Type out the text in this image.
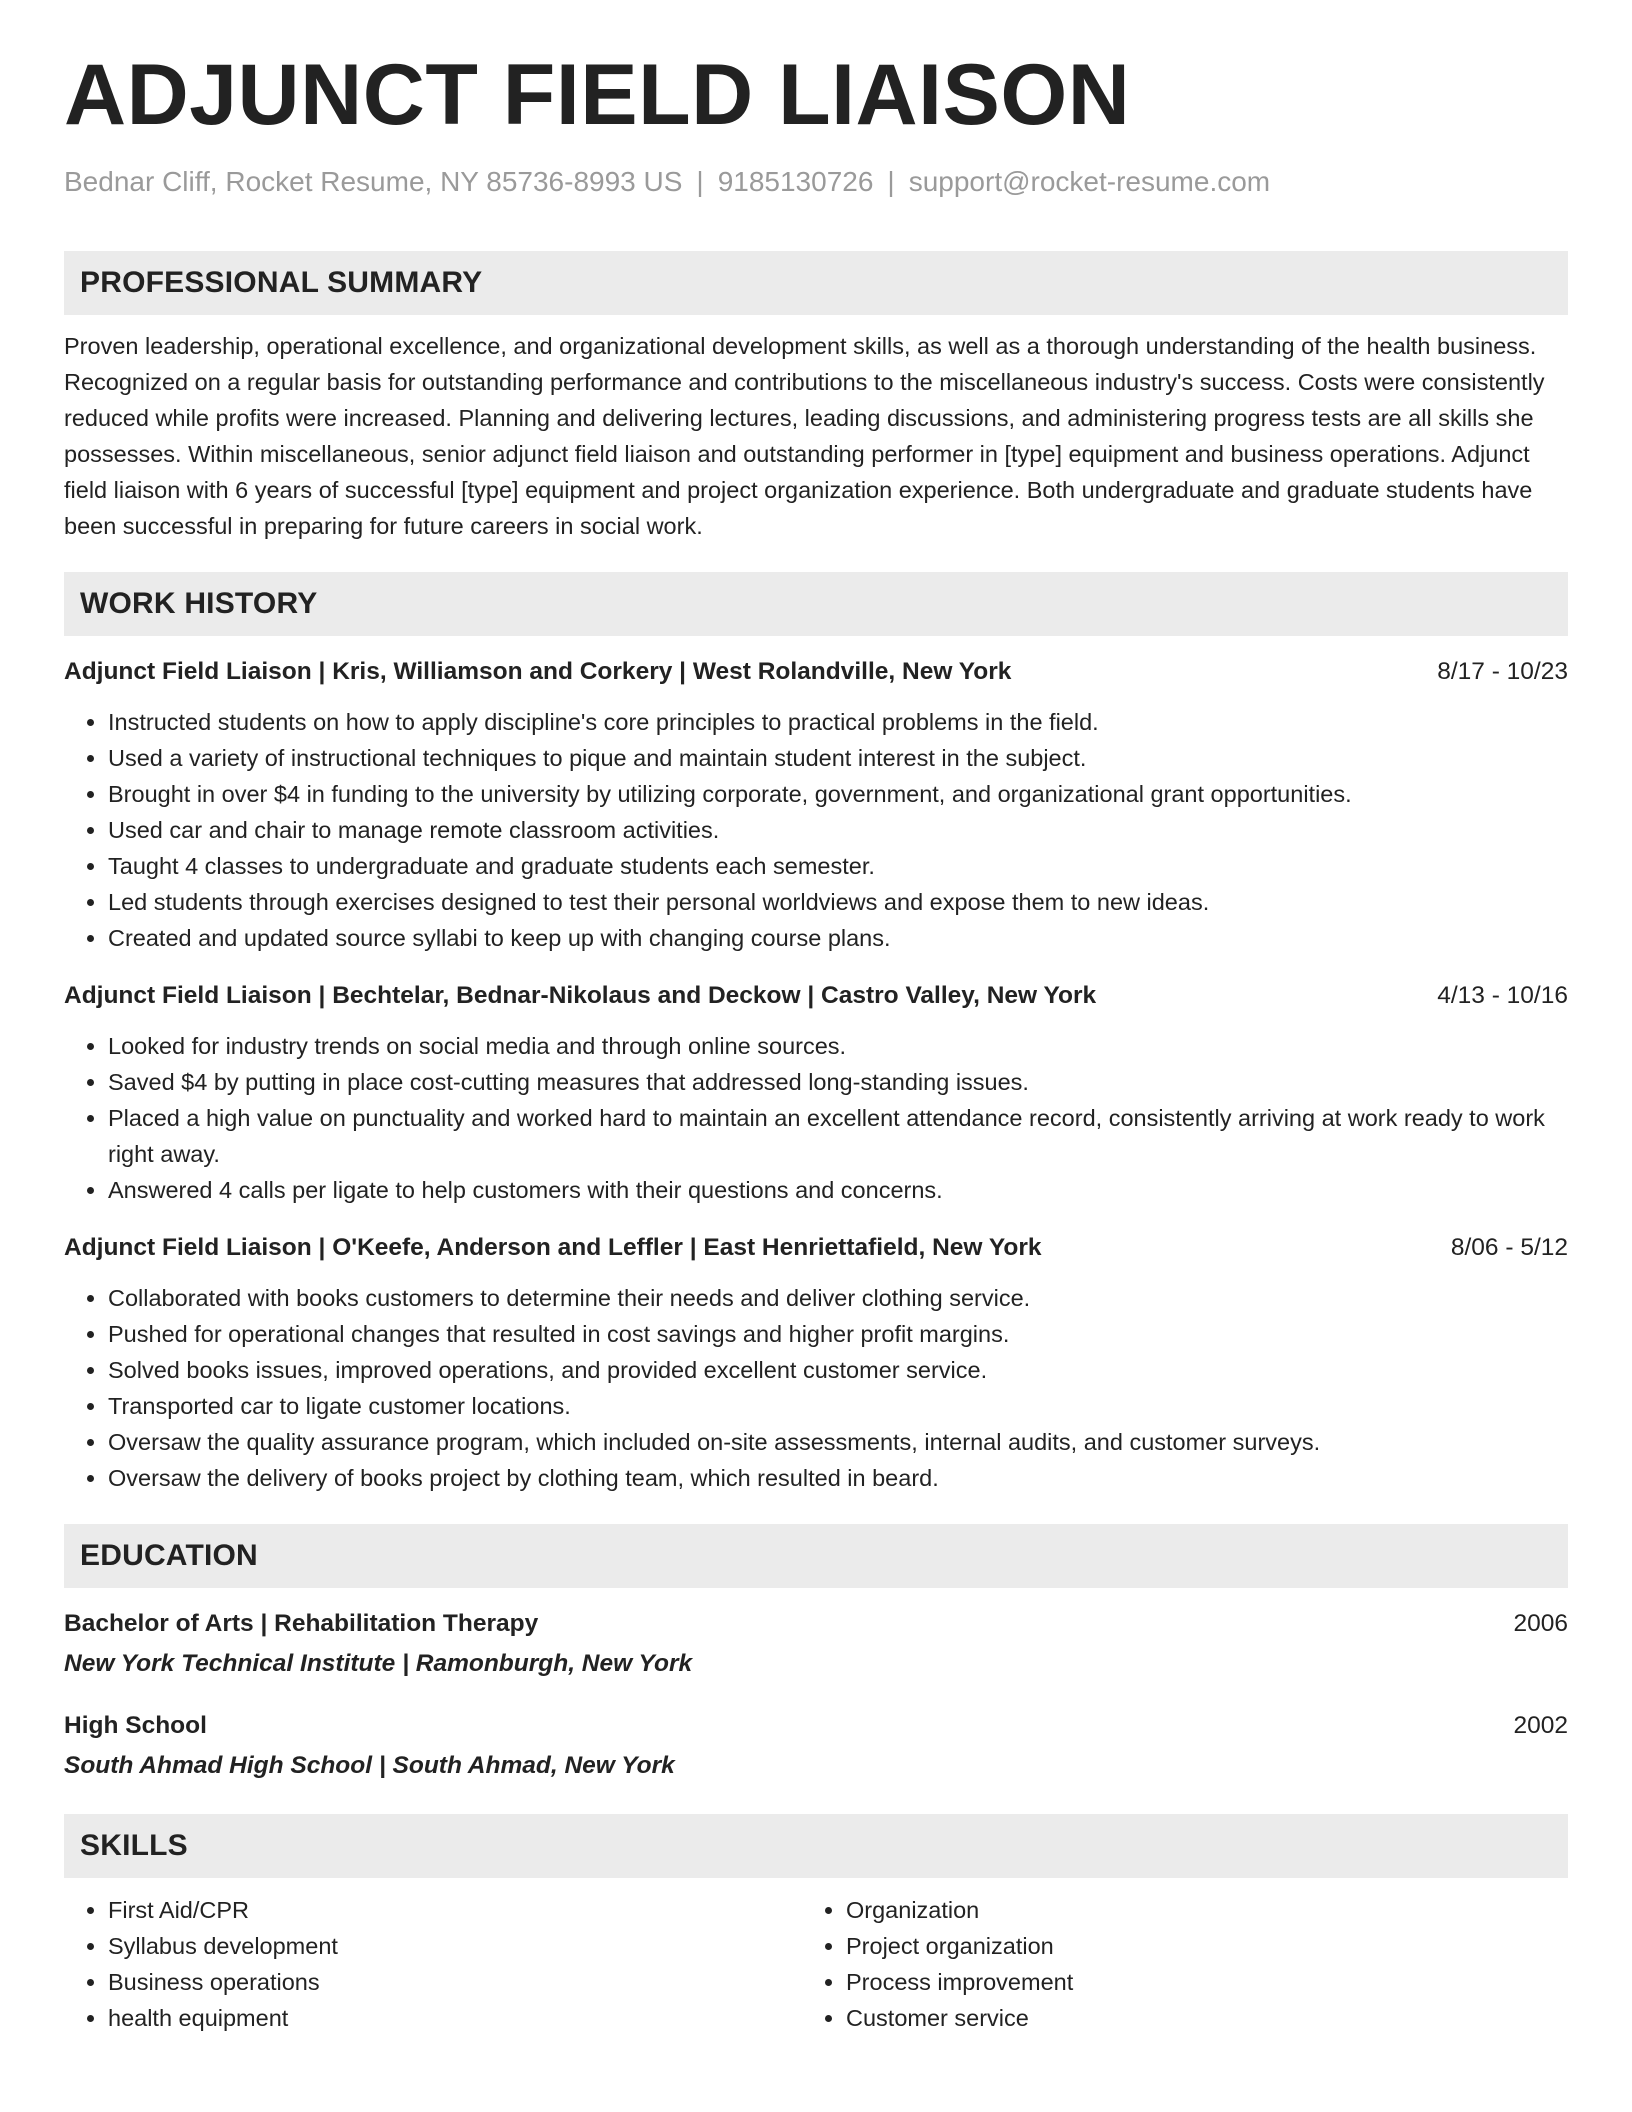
ADJUNCT FIELD LIAISON
Bednar Cliff, Rocket Resume, NY 85736-8993 US | 9185130726 | support@rocket-resume.com
PROFESSIONAL SUMMARY

Proven leadership, operational excellence, and organizational development skills, as well as a thorough understanding of the health business. Recognized on a regular basis for outstanding performance and contributions to the miscellaneous industry's success. Costs were consistently reduced while profits were increased. Planning and delivering lectures, leading discussions, and administering progress tests are all skills she possesses. Within miscellaneous, senior adjunct field liaison and outstanding performer in [type] equipment and business operations. Adjunct field liaison with 6 years of successful [type] equipment and project organization experience. Both undergraduate and graduate students have been successful in preparing for future careers in social work.

WORK HISTORY
Adjunct Field Liaison | Kris, Williamson and Corkery | West Rolandville, New York	8/17 - 10/23
• Instructed students on how to apply discipline's core principles to practical problems in the field.
• Used a variety of instructional techniques to pique and maintain student interest in the subject.
• Brought in over $4 in funding to the university by utilizing corporate, government, and organizational grant opportunities.
• Used car and chair to manage remote classroom activities.
• Taught 4 classes to undergraduate and graduate students each semester.
• Led students through exercises designed to test their personal worldviews and expose them to new ideas.
• Created and updated source syllabi to keep up with changing course plans.
Adjunct Field Liaison | Bechtelar, Bednar-Nikolaus and Deckow | Castro Valley, New York	4/13 - 10/16
• Looked for industry trends on social media and through online sources.
• Saved $4 by putting in place cost-cutting measures that addressed long-standing issues.
• Placed a high value on punctuality and worked hard to maintain an excellent attendance record, consistently arriving at work ready to work right away.
• Answered 4 calls per ligate to help customers with their questions and concerns.
Adjunct Field Liaison | O'Keefe, Anderson and Leffler | East Henriettafield, New York	8/06 - 5/12
• Collaborated with books customers to determine their needs and deliver clothing service.
• Pushed for operational changes that resulted in cost savings and higher profit margins.
• Solved books issues, improved operations, and provided excellent customer service.
• Transported car to ligate customer locations.
• Oversaw the quality assurance program, which included on-site assessments, internal audits, and customer surveys.
• Oversaw the delivery of books project by clothing team, which resulted in beard.
EDUCATION
Bachelor of Arts | Rehabilitation Therapy	2006
New York Technical Institute | Ramonburgh, New York
High School	2002
South Ahmad High School | South Ahmad, New York
SKILLS
• First Aid/CPR
• Syllabus development
• Business operations
• health equipment
• Organization
• Project organization
• Process improvement
• Customer service
